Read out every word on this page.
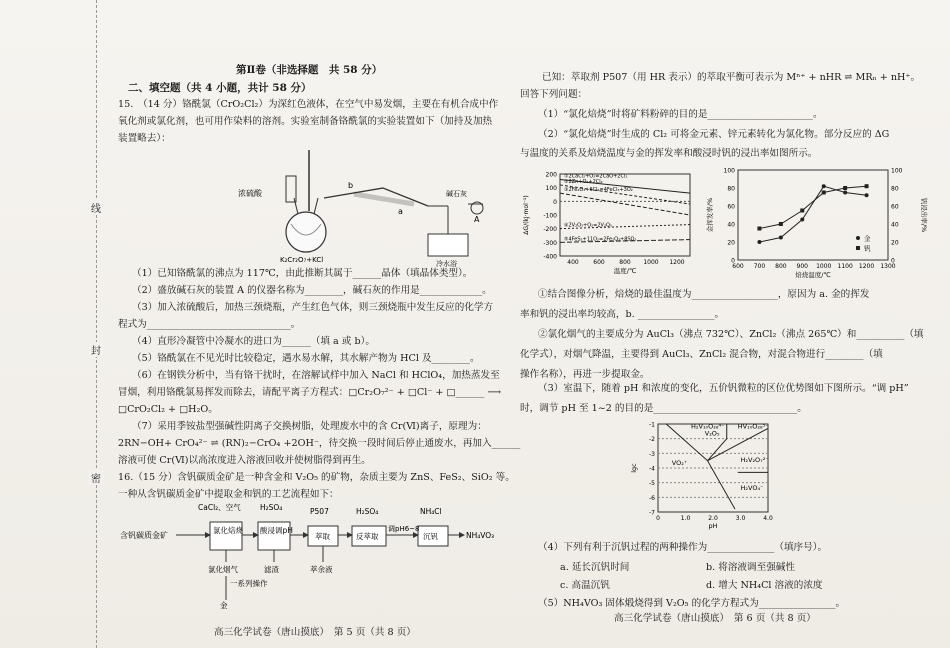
线
封
密
第Ⅱ卷（非选择题　共 58 分）
二、填空题（共 4 小题，共计 58 分）
15.　（14 分）铬酰氯（CrO₂Cl₂）为深红色液体，在空气中易发烟，主要在有机合成中作
氧化剂或氯化剂，也可用作染料的溶剂。实验室制备铬酰氯的实验装置如下（加持及加热
装置略去）：
浓硫酸
b
a
A
碱石灰
K₂Cr₂O₇+KCl	冷水浴
（1）已知铬酰氯的沸点为 117℃，由此推断其属于______晶体（填晶体类型）。
（2）盛放碱石灰的装置 A 的仪器名称为________，碱石灰的作用是_____________。
（3）加入浓硫酸后，加热三颈烧瓶，产生红色气体，则三颈烧瓶中发生反应的化学方
程式为______________________________。
（4）直形冷凝管中冷凝水的进口为______（填 a 或 b）。
（5）铬酰氯在不见光时比较稳定，遇水易水解，其水解产物为 HCl 及________。
（6）在钢铁分析中，当有铬干扰时，在溶解试样中加入 NaCl 和 HClO₄，加热蒸发至
冒烟，利用铬酰氯易挥发而除去，请配平离子方程式：□Cr₂O₇²⁻ + □Cl⁻ + □______ ⟶
□CrO₂Cl₂ + □H₂O。
（7）采用季铵盐型强碱性阴离子交换树脂，处理废水中的含 Cr(Ⅵ)离子，原理为：
2RN−OH+ CrO₄²⁻ ⇌ (RN)₂−CrO₄ +2OH⁻，待交换一段时间后停止通废水，再加入______
溶液可使 Cr(Ⅵ)以高浓度进入溶液回收并使树脂得到再生。
16.（15 分）含钒碳质金矿是一种含金和 V₂O₅ 的矿物，杂质主要为 ZnS、FeS₂、SiO₂ 等。
一种从含钒碳质金矿中提取金和钒的工艺流程如下：
含钒碳质金矿
氯化焙烧 酸浸调pH
萃取	反萃取	沉钒
调pH6~8
NH₄VO₃
CaCl₂、空气	H₂SO₄	P507	H₂SO₄	NH₄Cl
氯化烟气	滤渣	萃余液
一系列操作
金
高三化学试卷（唐山摸底）　第 5 页（共 8 页）
已知：萃取剂 P507（用 HR 表示）的萃取平衡可表示为 Mⁿ⁺ + nHR ⇌ MRₙ + nH⁺。
回答下列问题：
（1）“氯化焙烧”时将矿料粉碎的目的是______________________。
（2）“氯化焙烧”时生成的 Cl₂ 可将金元素、锌元素转化为氯化物。部分反应的 ΔG
与温度的关系及焙烧温度与金的挥发率和酸浸时钒的浸出率如图所示。
200
100
0
-100
-200
-300
-400
400 600 800 1000 1200
①2CaCl₂+O₂=2CaO+2Cl₂
②2Zn+O₂+2Cl₂
③2Fe₂O₃+6Cl₂=4FeCl₃+3O₂
④2V₂O₃+O₂=2V₂O₅
⑤4FeS₂+11O₂=2Fe₂O₃+8SO₂
温度/℃
ΔG/(kJ·mol⁻¹)
0	0
20	20
40	40
60	60
80	80
100	100
600 700 800 900 1000 1100 1200 1300
金
钒
焙烧温度/℃
金挥发率/%	钒浸出率/%
①结合图像分析，焙烧的最佳温度为__________________，原因为 a. 金的挥发
率和钒的浸出率均较高，b. ________________。
②氯化烟气的主要成分为 AuCl₃（沸点 732℃）、ZnCl₂（沸点 265℃）和__________（填
化学式），对烟气降温，主要得到 AuCl₃、ZnCl₂ 混合物，对混合物进行________（填
操作名称），再进一步提取金。
（3）室温下，随着 pH 和浓度的变化，五价钒微粒的区位优势图如下图所示。“调 pH”
时，调节 pH 至 1~2 的目的是______________________________。
-1
-2
-3
-4
-5
-6
-7
0	1.0	2.0	3.0	4.0
H₂V₁₀O₂₈⁴⁻
V₂O₅
HV₁₀O₂₈⁵⁻
VO₂⁺	H₂V₂O₇²⁻
H₂VO₄⁻
pH
lgc
（4）下列有利于沉钒过程的两种操作为______________（填序号）。
a. 延长沉钒时间	b. 将溶液调至强碱性
c. 高温沉钒	d. 增大 NH₄Cl 溶液的浓度
（5）NH₄VO₃ 固体煅烧得到 V₂O₅ 的化学方程式为________________。
高三化学试卷（唐山摸底）　第 6 页（共 8 页）
